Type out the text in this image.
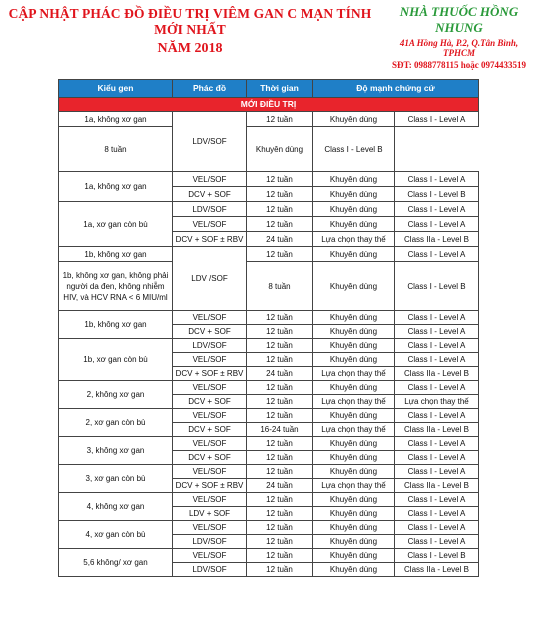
CẬP NHẬT PHÁC ĐỒ ĐIỀU TRỊ VIÊM GAN C MẠN TÍNH MỚI NHẤT
NĂM 2018
NHÀ THUỐC HỒNG NHUNG
41A Hồng Hà, P.2, Q.Tân Bình, TPHCM
SĐT: 0988778115 hoặc 0974433519
Kiểu gen	Phác đồ	Thời gian	Độ mạnh chứng cứ	
MỚI ĐIỀU TRỊ				
1a, không xơ gan	LDV/SOF	12 tuần	Khuyên dùng	Class I - Level A
8 tuần		Khuyên dùng	Class I - Level B	
1a, không xơ gan	VEL/SOF	12 tuần	Khuyên dùng	Class I - Level A
	DCV + SOF	12 tuần	Khuyên dùng	Class I - Level B
1a, xơ gan còn bù	LDV/SOF	12 tuần	Khuyên dùng	Class I - Level A
	VEL/SOF	12 tuần	Khuyên dùng	Class I - Level A
	DCV + SOF ± RBV	24 tuần	Lựa chọn thay thế	Class IIa - Level B
1b, không xơ gan	LDV /SOF	12 tuần	Khuyên dùng	Class I - Level A
1b, không xơ gan, không phải người da đen, không nhiễm HIV, và HCV RNA < 6 MIU/ml		8 tuần	Khuyên dùng	Class I - Level B
1b, không xơ gan	VEL/SOF	12 tuần	Khuyên dùng	Class I - Level A
	DCV + SOF	12 tuần	Khuyên dùng	Class I - Level A
1b, xơ gan còn bù	LDV/SOF	12 tuần	Khuyên dùng	Class I - Level A
	VEL/SOF	12 tuần	Khuyên dùng	Class I - Level A
	DCV + SOF ± RBV	24 tuần	Lựa chọn thay thế	Class IIa - Level B
2, không xơ gan	VEL/SOF	12 tuần	Khuyên dùng	Class I - Level A
	DCV + SOF	12 tuần	Lựa chọn thay thế	Lựa chọn thay thế
2, xơ gan còn bù	VEL/SOF	12 tuần	Khuyên dùng	Class I - Level A
	DCV + SOF	16-24 tuần	Lựa chọn thay thế	Class IIa - Level B
3, không xơ gan	VEL/SOF	12 tuần	Khuyên dùng	Class I - Level A
	DCV + SOF	12 tuần	Khuyên dùng	Class I - Level A
3, xơ gan còn bù	VEL/SOF	12 tuần	Khuyên dùng	Class I - Level A
	DCV + SOF ± RBV	24 tuần	Lựa chọn thay thế	Class IIa - Level B
4, không xơ gan	VEL/SOF	12 tuần	Khuyên dùng	Class I - Level A
	LDV + SOF	12 tuần	Khuyên dùng	Class I - Level A
4, xơ gan còn bù	VEL/SOF	12 tuần	Khuyên dùng	Class I - Level A
	LDV/SOF	12 tuần	Khuyên dùng	Class I - Level A
5,6 không/ xơ gan	VEL/SOF	12 tuần	Khuyên dùng	Class I - Level B
	LDV/SOF	12 tuần	Khuyên dùng	Class IIa - Level B
